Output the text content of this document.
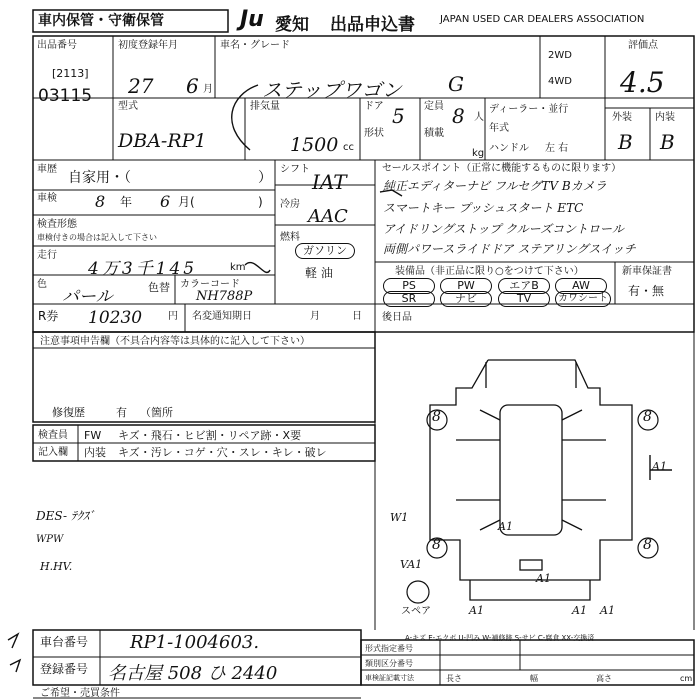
車内保管・守衛保管	Ju 愛知 出品申込書	JAPAN USED CAR DEALERS ASSOCIATION
出品番号
[2113]
03115
初度登録年月
27 6 月
車名・グレード
ステップワゴン G
2WD
4WD
評価点
4.5
外装 内装
B B
型式
DBA-RP1
排気量
1500 cc
ドア 5
形状
定員 8 人
積載
kg
ディーラー・並行
年式
ハンドル 左 右
車歴
自家用・（	）
車検 8 年 6 月(	)
検査形態
車検付きの場合は記入して下さい
走行
4万3千145	km
色
パール	色替 カラーコード
NH788P
シフト
IAT
冷房
AAC
燃料
ガソリン
軽 油
セールスポイント（正常に機能するものに限ります）
純正エディターナビ フルセグTV Bカメラ
スマートキー プッシュスタート ETC
アイドリングストップ クルーズコントロール
両側パワースライドドア ステアリングスイッチ
装備品（非正品に限り○をつけて下さい）
PS	PW	エアB	AW
SR	ナビ	TV	カワシート
新車保証書
有・無
R券 10230	円 名変通知期日	月	日
注意事項申告欄（不具合内容等は具体的に記入して下さい）
修復歴	有 （箇所
後日品
検査員
記入欄
FW キズ・飛石・ヒビ割・リペア跡・X要
内装 キズ・汚レ・コゲ・穴・スレ・キレ・破レ
DES- ﾃｸｽﾞ
WPW
H.HV.
8	8
8	8
A1
A1
A1	A1 A1
W1
VA1
A1
スペア
A-キズ E-エクボ U-凹み W-補修跡 S-サビ C-腐食 XX-交換済
車台番号 RP1-1004603.
登録番号 名古屋 508 ひ 2440
形式指定番号
類別区分番号
車検証記載寸法	長さ	幅	高さ	cm
ご希望・売買条件
